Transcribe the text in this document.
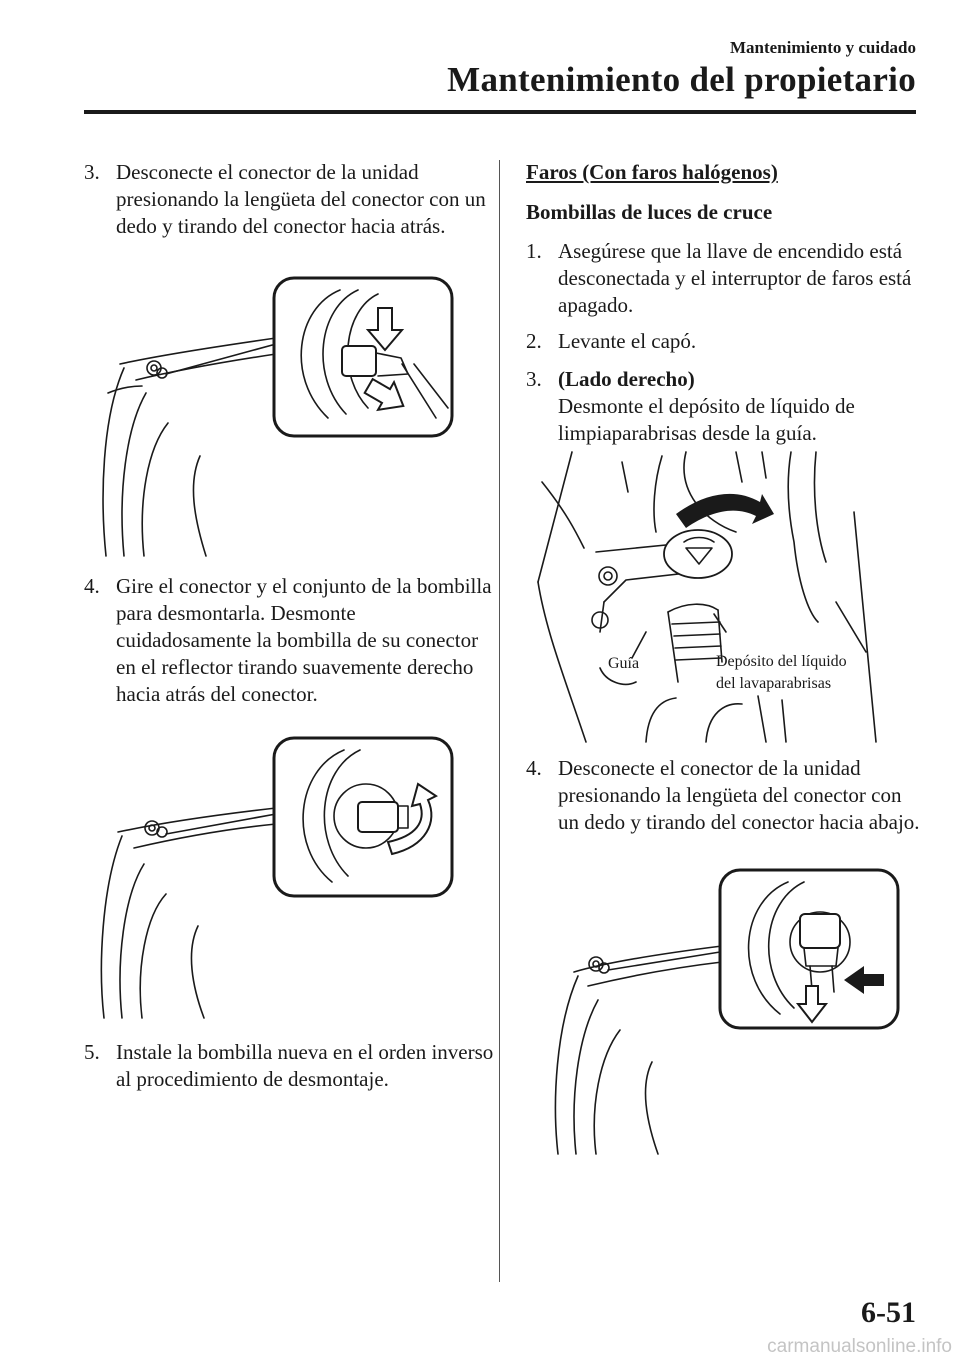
Mantenimiento y cuidado
Mantenimiento del propietario
3. Desconecte el conector de la unidad presionando la lengüeta del conector con un dedo y tirando del conector hacia atrás.
4. Gire el conector y el conjunto de la bombilla para desmontarla. Desmonte cuidadosamente la bombilla de su conector en el reflector tirando suavemente derecho hacia atrás del conector.
5. Instale la bombilla nueva en el orden inverso al procedimiento de desmontaje.
Faros (Con faros halógenos)
Bombillas de luces de cruce
1. Asegúrese que la llave de encendido está desconectada y el interruptor de faros está apagado.
2. Levante el capó.
3. (Lado derecho)
Desmonte el depósito de líquido de limpiaparabrisas desde la guía.
Guía	Depósito del líquido
del lavaparabrisas
4. Desconecte el conector de la unidad presionando la lengüeta del conector con un dedo y tirando del conector hacia abajo.
6-51
carmanualsonline.info
